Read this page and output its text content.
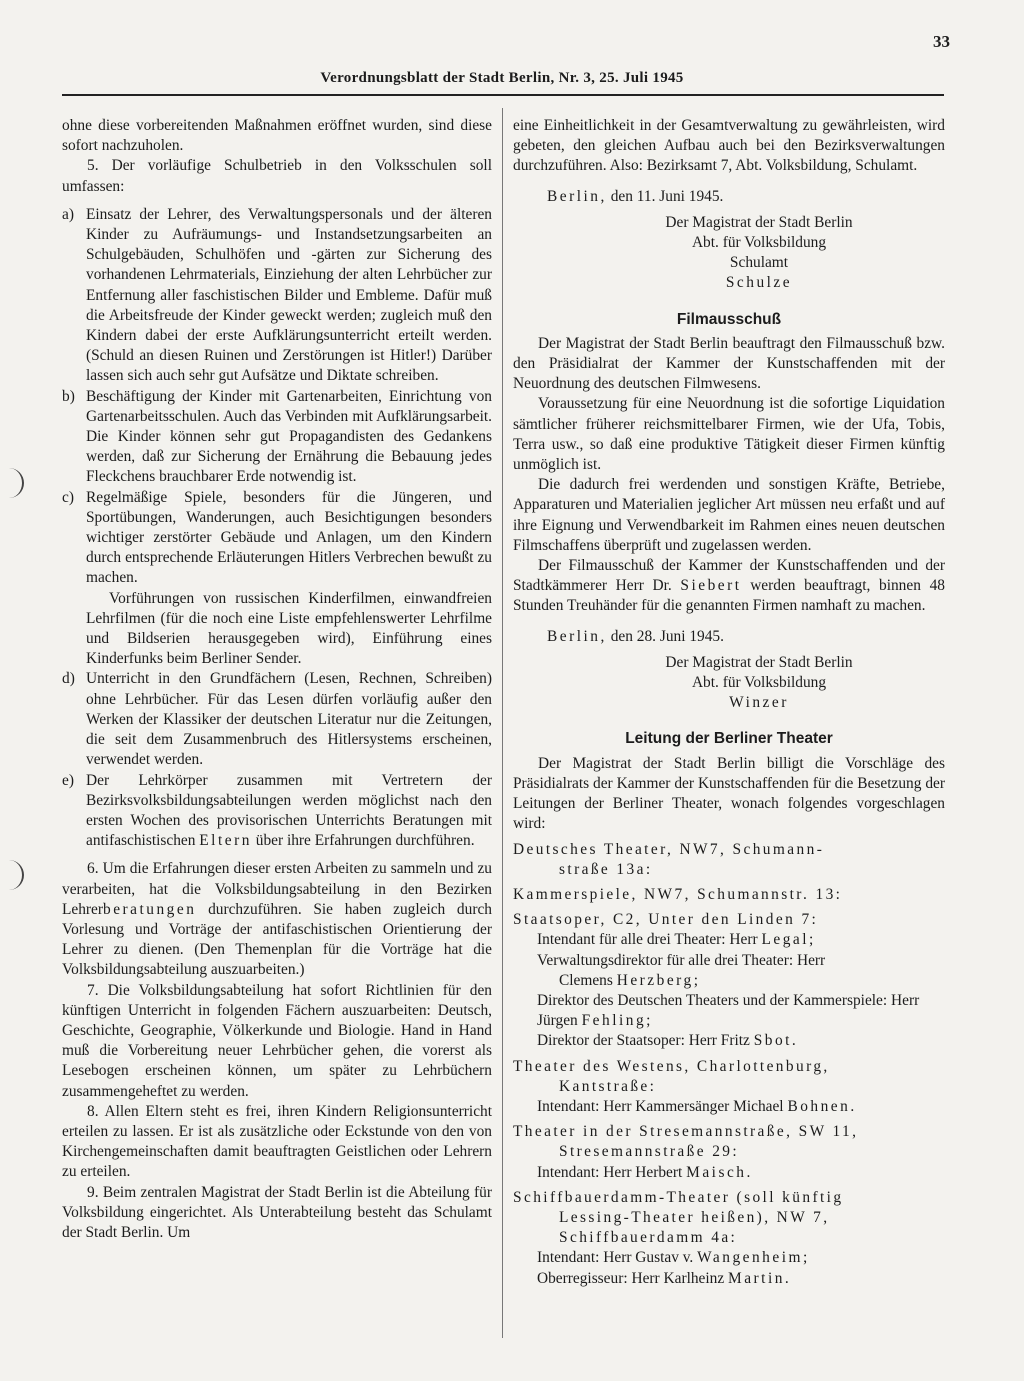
33
Verordnungsblatt der Stadt Berlin, Nr. 3, 25. Juli 1945

ohne diese vorbereitenden Maßnahmen eröffnet wurden, sind diese sofort nachzuholen.

5. Der vorläufige Schulbetrieb in den Volksschulen soll umfassen:

a) Einsatz der Lehrer, des Verwaltungspersonals und der älteren Kinder zu Aufräumungs- und Instandsetzungsarbeiten an Schulgebäuden, Schulhöfen und -gärten zur Sicherung des vorhandenen Lehrmaterials, Einziehung der alten Lehrbücher zur Entfernung aller faschistischen Bilder und Embleme. Dafür muß die Arbeitsfreude der Kinder geweckt werden; zugleich muß den Kindern dabei der erste Aufklärungsunterricht erteilt werden. (Schuld an diesen Ruinen und Zerstörungen ist Hitler!) Darüber lassen sich auch sehr gut Aufsätze und Diktate schreiben.
b) Beschäftigung der Kinder mit Gartenarbeiten, Einrichtung von Gartenarbeitsschulen. Auch das Verbinden mit Aufklärungsarbeit. Die Kinder können sehr gut Propagandisten des Gedankens werden, daß zur Sicherung der Ernährung die Bebauung jedes Fleckchens brauchbarer Erde notwendig ist.
c) Regelmäßige Spiele, besonders für die Jüngeren, und Sportübungen, Wanderungen, auch Besichtigungen besonders wichtiger zerstörter Gebäude und Anlagen, um den Kindern durch entsprechende Erläuterungen Hitlers Verbrechen bewußt zu machen.
Vorführungen von russischen Kinderfilmen, einwandfreien Lehrfilmen (für die noch eine Liste empfehlenswerter Lehrfilme und Bildserien herausgegeben wird), Einführung eines Kinderfunks beim Berliner Sender.
d) Unterricht in den Grundfächern (Lesen, Rechnen, Schreiben) ohne Lehrbücher. Für das Lesen dürfen vorläufig außer den Werken der Klassiker der deutschen Literatur nur die Zeitungen, die seit dem Zusammenbruch des Hitlersystems erscheinen, verwendet werden.
e) Der Lehrkörper zusammen mit Vertretern der Bezirksvolksbildungsabteilungen werden möglichst nach den ersten Wochen des provisorischen Unterrichts Beratungen mit antifaschistischen Eltern über ihre Erfahrungen durchführen.

6. Um die Erfahrungen dieser ersten Arbeiten zu sammeln und zu verarbeiten, hat die Volksbildungsabteilung in den Bezirken Lehrerberatungen durchzuführen. Sie haben zugleich durch Vorlesung und Vorträge der antifaschistischen Orientierung der Lehrer zu dienen. (Den Themenplan für die Vorträge hat die Volksbildungsabteilung auszuarbeiten.)

7. Die Volksbildungsabteilung hat sofort Richtlinien für den künftigen Unterricht in folgenden Fächern auszuarbeiten: Deutsch, Geschichte, Geographie, Völkerkunde und Biologie. Hand in Hand muß die Vorbereitung neuer Lehrbücher gehen, die vorerst als Lesebogen erscheinen können, um später zu Lehrbüchern zusammengeheftet zu werden.

8. Allen Eltern steht es frei, ihren Kindern Religionsunterricht erteilen zu lassen. Er ist als zusätzliche oder Eckstunde von den von Kirchengemeinschaften damit beauftragten Geistlichen oder Lehrern zu erteilen.

9. Beim zentralen Magistrat der Stadt Berlin ist die Abteilung für Volksbildung eingerichtet. Als Unterabteilung besteht das Schulamt der Stadt Berlin. Um

eine Einheitlichkeit in der Gesamtverwaltung zu gewährleisten, wird gebeten, den gleichen Aufbau auch bei den Bezirksverwaltungen durchzuführen. Also: Bezirksamt 7, Abt. Volksbildung, Schulamt.

Berlin, den 11. Juni 1945.
Der Magistrat der Stadt Berlin
Abt. für Volksbildung
Schulamt
Schulze
Filmausschuß

Der Magistrat der Stadt Berlin beauftragt den Filmausschuß bzw. den Präsidialrat der Kammer der Kunstschaffenden mit der Neuordnung des deutschen Filmwesens.

Voraussetzung für eine Neuordnung ist die sofortige Liquidation sämtlicher früherer reichsmittelbarer Firmen, wie der Ufa, Tobis, Terra usw., so daß eine produktive Tätigkeit dieser Firmen künftig unmöglich ist.

Die dadurch frei werdenden und sonstigen Kräfte, Betriebe, Apparaturen und Materialien jeglicher Art müssen neu erfaßt und auf ihre Eignung und Verwendbarkeit im Rahmen eines neuen deutschen Filmschaffens überprüft und zugelassen werden.

Der Filmausschuß der Kammer der Kunstschaffenden und der Stadtkämmerer Herr Dr. Siebert werden beauftragt, binnen 48 Stunden Treuhänder für die genannten Firmen namhaft zu machen.

Berlin, den 28. Juni 1945.
Der Magistrat der Stadt Berlin
Abt. für Volksbildung
Winzer
Leitung der Berliner Theater

Der Magistrat der Stadt Berlin billigt die Vorschläge des Präsidialrats der Kammer der Kunstschaffenden für die Besetzung der Leitungen der Berliner Theater, wonach folgendes vorgeschlagen wird:

Deutsches Theater, NW7, Schumann-
straße 13a:
Kammerspiele, NW7, Schumannstr. 13:
Staatsoper, C2, Unter den Linden 7:
Intendant für alle drei Theater: Herr Legal;
Verwaltungsdirektor für alle drei Theater: Herr
Clemens Herzberg;
Direktor des Deutschen Theaters und der Kammerspiele: Herr Jürgen Fehling;
Direktor der Staatsoper: Herr Fritz Sbot.
Theater des Westens, Charlottenburg,
Kantstraße:
Intendant: Herr Kammersänger Michael Bohnen.
Theater in der Stresemannstraße, SW 11,
Stresemannstraße 29:
Intendant: Herr Herbert Maisch.
Schiffbauerdamm-Theater (soll künftig
Lessing-Theater heißen), NW 7,
Schiffbauerdamm 4a:
Intendant: Herr Gustav v. Wangenheim;
Oberregisseur: Herr Karlheinz Martin.
